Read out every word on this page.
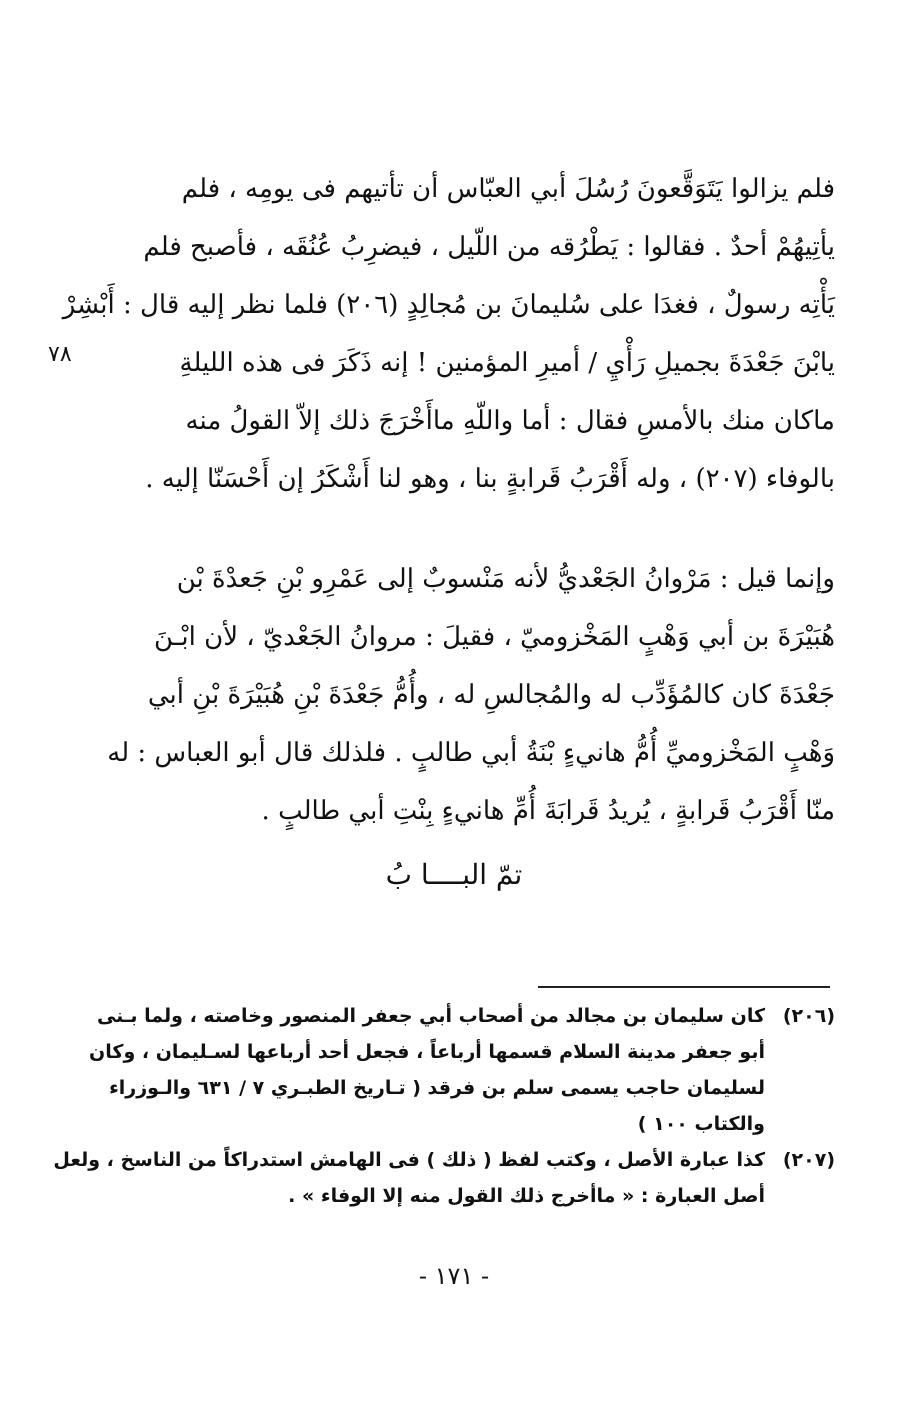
٧٨
فلم يزالوا يَتَوَقَّعونَ رُسُلَ أبي العبّاس أن تأتيهم فى يومِه ، فلم
يأتِيهُمْ أحدٌ . فقالوا : يَطْرُقه من اللّيل ، فيضرِبُ عُنُقَه ، فأصبح فلم
يَأْتِه رسولٌ ، فغدَا على سُليمانَ بن مُجالِدٍ (٢٠٦) فلما نظر إليه قال : أَبْشِرْ
يابْنَ جَعْدَةَ بجميلِ رَأْيِ / أميرِ المؤمنين ! إنه ذَكَرَ فى هذه الليلةِ
ماكان منك بالأمسِ فقال : أما واللّهِ ماأَخْرَجَ ذلك إلاّ القولُ منه
بالوفاء (٢٠٧) ، وله أَقْرَبُ قَرابةٍ بنا ، وهو لنا أَشْكَرُ إن أَحْسَنّا إليه .
وإنما قيل : مَرْوانُ الجَعْديُّ لأنه مَنْسوبٌ إلى عَمْرِو بْنِ جَعدْةَ بْن
هُبَيْرَةَ بن أبي وَهْبٍ المَخْزوميّ ، فقيلَ : مروانُ الجَعْديّ ، لأن ابْـنَ
جَعْدَةَ كان كالمُؤَدِّب له والمُجالسِ له ، وأُمُّ جَعْدَةَ بْنِ هُبَيْرَةَ بْنِ أبي
وَهْبٍ المَخْزوميِّ أُمُّ هانيءٍ بْنَةُ أبي طالبٍ . فلذلك قال أبو العباس : له
منّا أَقْرَبُ قَرابةٍ ، يُريدُ قَرابَةَ أُمِّ هانيءٍ بِنْتِ أبي طالبٍ .
تمّ البــــا بُ
(٢٠٦)
كان سليمان بن مجالد من أصحاب أبي جعفر المنصور وخاصته ، ولما بـنى
أبو جعفر مدينة السلام قسمها أرباعاً ، فجعل أحد أرباعها لسـليمان ، وكان
لسليمان حاجب يسمى سلم بن فرقد ( تـاريخ الطبـري ٧ / ٦٣١ والـوزراء
والكتاب ١٠٠ )
(٢٠٧)
كذا عبارة الأصل ، وكتب لفظ ( ذلك ) فى الهامش استدراكاً من الناسخ ، ولعل
أصل العبارة : « ماأخرج ذلك القول منه إلا الوفاء » .
- ١٧١ -
